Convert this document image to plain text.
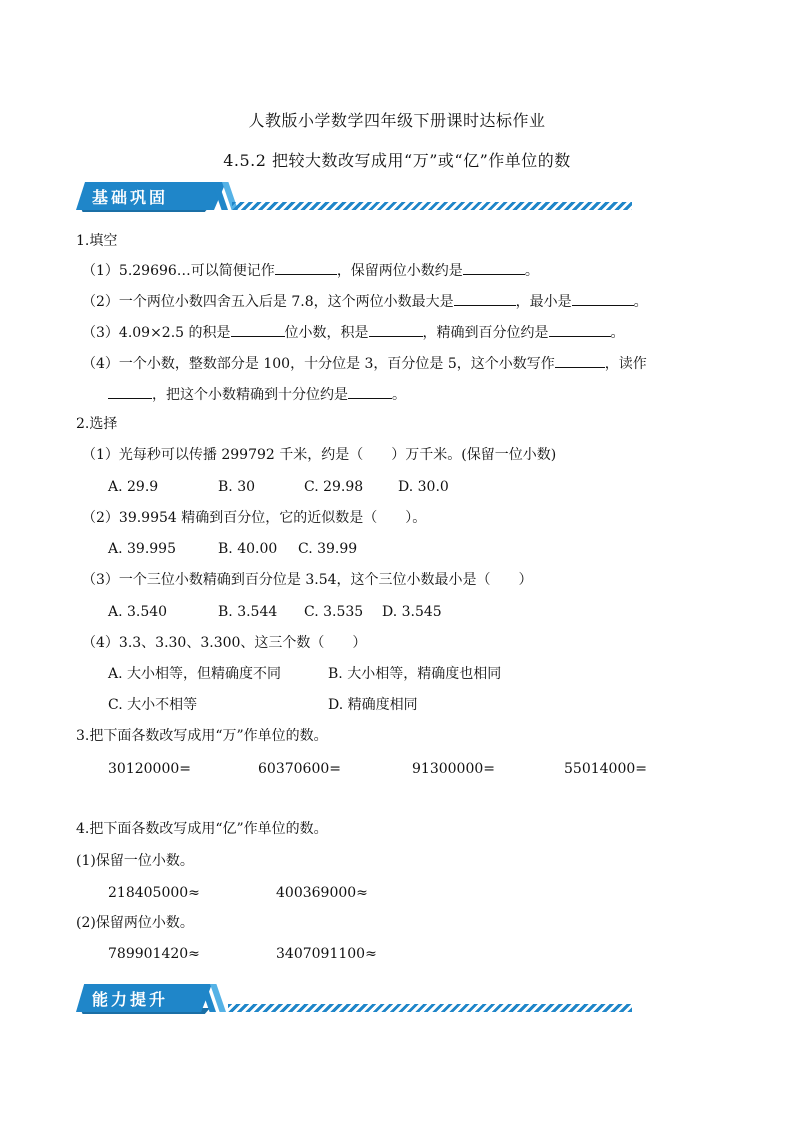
人教版小学数学四年级下册课时达标作业
4.5.2 把较大数改写成用“万”或“亿”作单位的数
基础巩固
1.填空
（1）5.29696…可以简便记作	，保留两位小数约是	。
（2）一个两位小数四舍五入后是 7.8，这个两位小数最大是	，最小是	。
（3）4.09×2.5 的积是	位小数，积是	，精确到百分位约是	。
（4）一个小数，整数部分是 100，十分位是 3，百分位是 5，这个小数写作	，读作
，把这个小数精确到十分位约是	。
2.选择
（1）光每秒可以传播 299792 千米，约是（　　）万千米。(保留一位小数)
A. 29.9	B. 30	C. 29.98 D. 30.0
（2）39.9954 精确到百分位，它的近似数是（　　）。
A. 39.995	B. 40.00 C. 39.99
（3）一个三位小数精确到百分位是 3.54，这个三位小数最小是（　　）
A. 3.540	B. 3.544 C. 3.535 D. 3.545
（4）3.3、3.30、3.300、这三个数（　　）
A. 大小相等，但精确度不同	B. 大小相等，精确度也相同
C. 大小不相等	D. 精确度相同
3.把下面各数改写成用“万”作单位的数。
30120000=	60370600=	91300000=	55014000=
4.把下面各数改写成用“亿”作单位的数。
(1)保留一位小数。
218405000≈	400369000≈
(2)保留两位小数。
789901420≈	3407091100≈
能力提升
